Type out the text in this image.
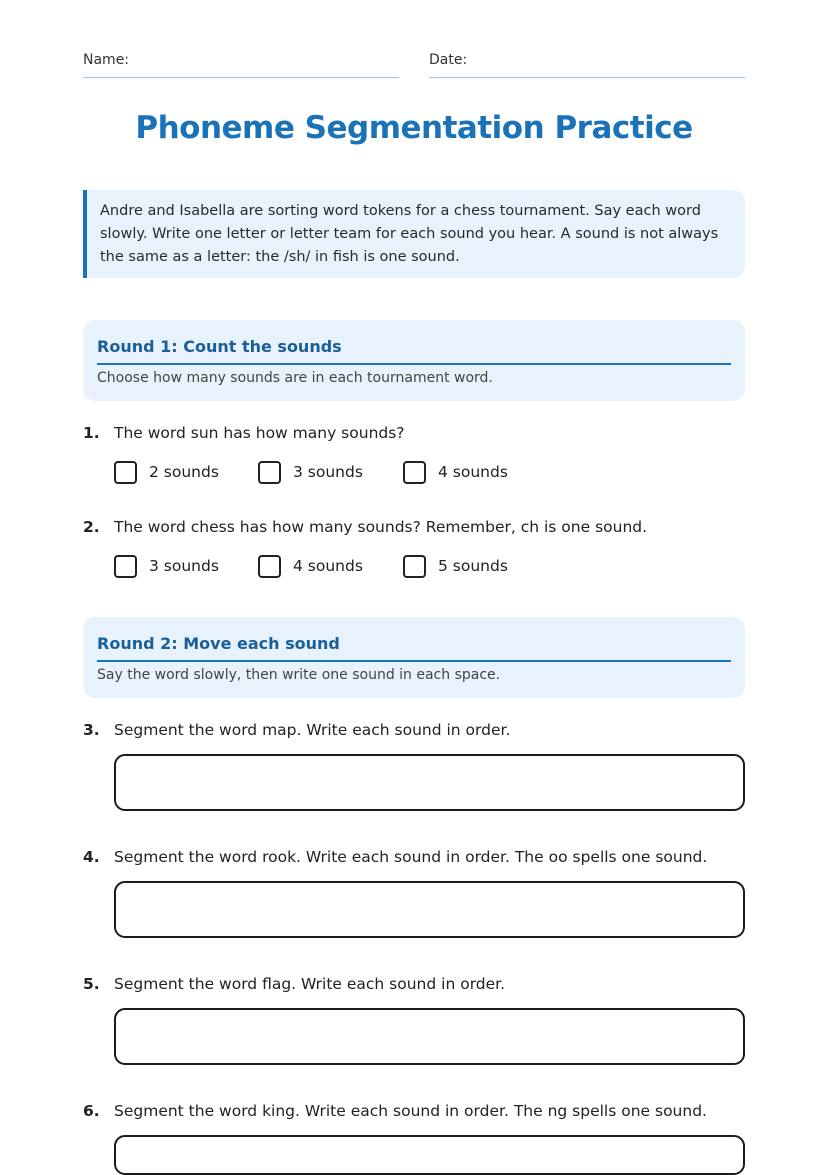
Name:	Date:
Phoneme Segmentation Practice
Andre and Isabella are sorting word tokens for a chess tournament. Say each word slowly. Write one letter or letter team for each sound you hear. A sound is not always the same as a letter: the /sh/ in fish is one sound.
Round 1: Count the sounds
Choose how many sounds are in each tournament word.
1. The word sun has how many sounds?
2 sounds	3 sounds	4 sounds
2. The word chess has how many sounds? Remember, ch is one sound.
3 sounds	4 sounds	5 sounds
Round 2: Move each sound
Say the word slowly, then write one sound in each space.
3. Segment the word map. Write each sound in order.
4. Segment the word rook. Write each sound in order. The oo spells one sound.
5. Segment the word flag. Write each sound in order.
6. Segment the word king. Write each sound in order. The ng spells one sound.
